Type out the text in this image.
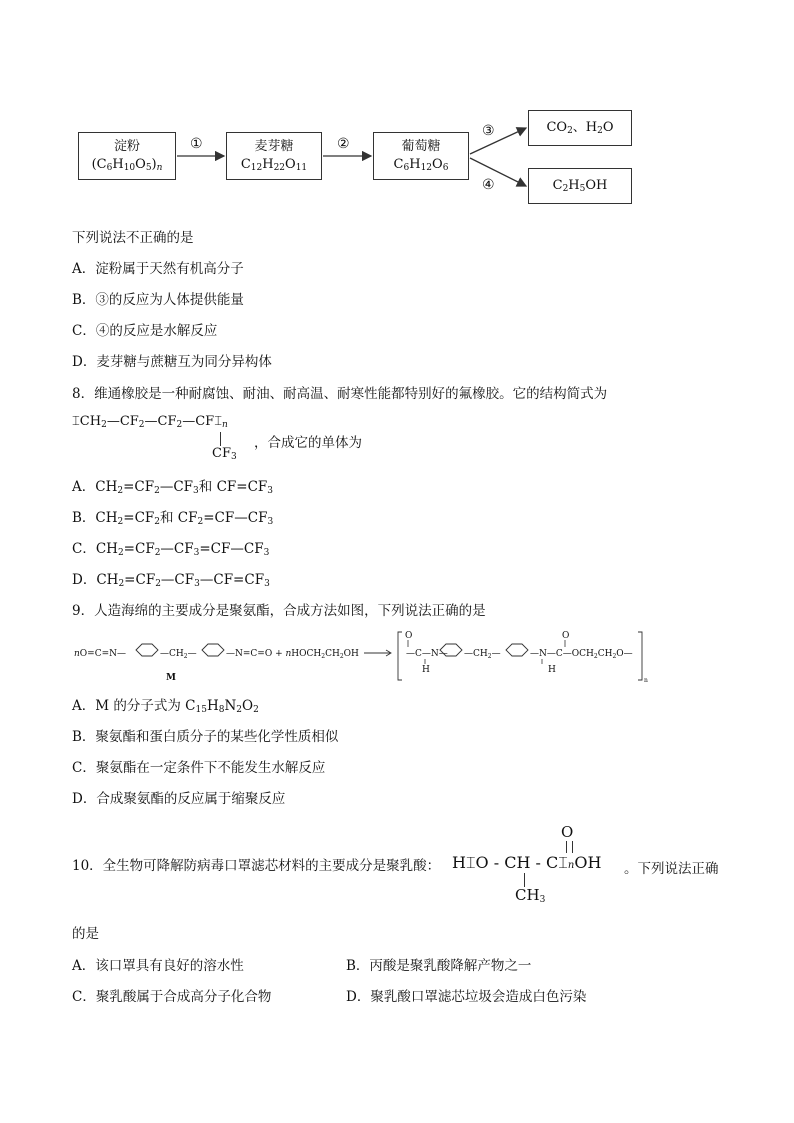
淀粉
$(C_6H_{10}O_5)_n$
麦芽糖
$C_{12}H_{22}O_{11}$
葡萄糖
$C_6H_{12}O_6$
$CO_2$、$H_2O$
$C_2H_5OH$
①	②
③
④
下列说法不正确的是
A．淀粉属于天然有机高分子
B．③的反应为人体提供能量
C．④的反应是水解反应
D．麦芽糖与蔗糖互为同分异构体
8．维通橡胶是一种耐腐蚀、耐油、耐高温、耐寒性能都特别好的氟橡胶。它的结构简式为
$⌶CH_2—CF_2—CF_2—CF⌶_n$
$CF_3$
，合成它的单体为
A．$CH_2=CF_2—CF_3$和 $CF=CF_3$
B．$CH_2=CF_2$和 $CF_2=CF—CF_3$
C．$CH_2=CF_2—CF_3=CF—CF_3$
D．$CH_2=CF_2—CF_3—CF=CF_3$
9．人造海绵的主要成分是聚氨酯，合成方法如图，下列说法正确的是
nO=C=N—	$—CH_2—$	—N=C=O + $nHOCH_2CH_2OH$
M
—C—N—
O
H
$—CH_2—$	$—N—C—OCH_2CH_2O—$
H
O
n
A．M 的分子式为 $C_{15}H_8N_2O_2$
B．聚氨酯和蛋白质分子的某些化学性质相似
C．聚氨酯在一定条件下不能发生水解反应
D．合成聚氨酯的反应属于缩聚反应
10．全生物可降解防病毒口罩滤芯材料的主要成分是聚乳酸： H⌶O - CH - C⌶nOH
O
$CH_3$
。下列说法正确
的是
A．该口罩具有良好的溶水性	B．丙酸是聚乳酸降解产物之一
C．聚乳酸属于合成高分子化合物	D．聚乳酸口罩滤芯垃圾会造成白色污染
